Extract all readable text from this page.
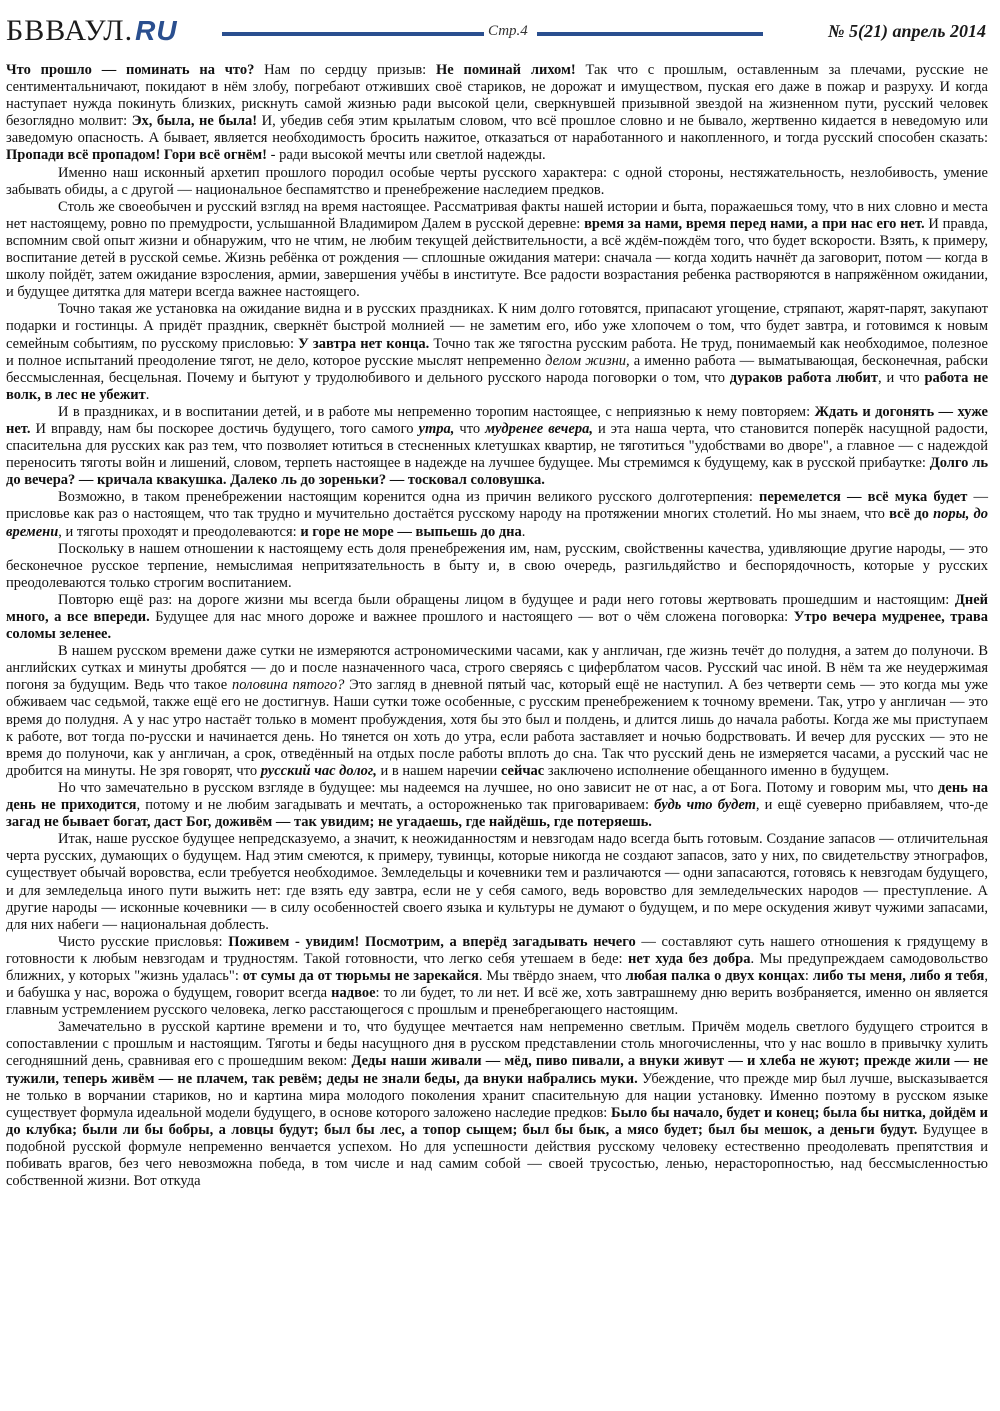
БВВАУЛ.RU	Стр.4	№ 5(21) апрель 2014

Что прошло — поминать на что? Нам по сердцу призыв: Не поминай лихом! Так что с прошлым, оставленным за плечами, русские не сентиментальничают, покидают в нём злобу, погребают отживших своё стариков, не дорожат и имуществом, пуская его даже в пожар и разруху. И когда наступает нужда покинуть близких, рискнуть самой жизнью ради высокой цели, сверкнувшей призывной звездой на жизненном пути, русский человек безоглядно молвит: Эх, была, не была! И, убедив себя этим крылатым словом, что всё прошлое словно и не бывало, жертвенно кидается в неведомую или заведомую опасность. А бывает, является необходимость бросить нажитое, отказаться от наработанного и накопленного, и тогда русский способен сказать: Пропади всё пропадом! Гори всё огнём! - ради высокой мечты или светлой надежды.

Именно наш исконный архетип прошлого породил особые черты русского характера: с одной стороны, нестяжательность, незлобивость, умение забывать обиды, а с другой — национальное беспамятство и пренебрежение наследием предков.

Столь же своеобычен и русский взгляд на время настоящее. Рассматривая факты нашей истории и быта, поражаешься тому, что в них словно и места нет настоящему, ровно по премудрости, услышанной Владимиром Далем в русской деревне: время за нами, время перед нами, а при нас его нет. И правда, вспомним свой опыт жизни и обнаружим, что не чтим, не любим текущей действительности, а всё ждём-пождём того, что будет вскорости. Взять, к примеру, воспитание детей в русской семье. Жизнь ребёнка от рождения — сплошные ожидания матери: сначала — когда ходить начнёт да заговорит, потом — когда в школу пойдёт, затем ожидание взросления, армии, завершения учёбы в институте. Все радости возрастания ребенка растворяются в напряжённом ожидании, и будущее дитятка для матери всегда важнее настоящего.

Точно такая же установка на ожидание видна и в русских праздниках. К ним долго готовятся, припасают угощение, стряпают, жарят-парят, закупают подарки и гостинцы. А придёт праздник, сверкнёт быстрой молнией — не заметим его, ибо уже хлопочем о том, что будет завтра, и готовимся к новым семейным событиям, по русскому присловью: У завтра нет конца. Точно так же тягостна русским работа. Не труд, понимаемый как необходимое, полезное и полное испытаний преодоление тягот, не дело, которое русские мыслят непременно делом жизни, а именно работа — выматывающая, бесконечная, рабски бессмысленная, бесцельная. Почему и бытуют у трудолюбивого и дельного русского народа поговорки о том, что дураков работа любит, и что работа не волк, в лес не убежит.

И в праздниках, и в воспитании детей, и в работе мы непременно торопим настоящее, с неприязнью к нему повторяем: Ждать и догонять — хуже нет. И вправду, нам бы поскорее достичь будущего, того самого утра, что мудренее вечера, и эта наша черта, что становится поперёк насущной радости, спасительна для русских как раз тем, что позволяет ютиться в стесненных клетушках квартир, не тяготиться "удобствами во дворе", а главное — с надеждой переносить тяготы войн и лишений, словом, терпеть настоящее в надежде на лучшее будущее. Мы стремимся к будущему, как в русской прибаутке: Долго ль до вечера? — кричала квакушка. Далеко ль до зореньки? — тосковал соловушка.

Возможно, в таком пренебрежении настоящим коренится одна из причин великого русского долготерпения: перемелется — всё мука будет — присловье как раз о настоящем, что так трудно и мучительно достаётся русскому народу на протяжении многих столетий. Но мы знаем, что всё до поры, до времени, и тяготы проходят и преодолеваются: и горе не море — выпьешь до дна.

Поскольку в нашем отношении к настоящему есть доля пренебрежения им, нам, русским, свойственны качества, удивляющие другие народы, — это бесконечное русское терпение, немыслимая непритязательность в быту и, в свою очередь, разгильдяйство и беспорядочность, которые у русских преодолеваются только строгим воспитанием.

Повторю ещё раз: на дороге жизни мы всегда были обращены лицом в будущее и ради него готовы жертвовать прошедшим и настоящим: Дней много, а все впереди. Будущее для нас много дороже и важнее прошлого и настоящего — вот о чём сложена поговорка: Утро вечера мудренее, трава соломы зеленее.

В нашем русском времени даже сутки не измеряются астрономическими часами, как у англичан, где жизнь течёт до полудня, а затем до полуночи. В английских сутках и минуты дробятся — до и после назначенного часа, строго сверяясь с циферблатом часов. Русский час иной. В нём та же неудержимая погоня за будущим. Ведь что такое половина пятого? Это загляд в дневной пятый час, который ещё не наступил. А без четверти семь — это когда мы уже обживаем час седьмой, также ещё его не достигнув. Наши сутки тоже особенные, с русским пренебрежением к точному времени. Так, утро у англичан — это время до полудня. А у нас утро настаёт только в момент пробуждения, хотя бы это был и полдень, и длится лишь до начала работы. Когда же мы приступаем к работе, вот тогда по-русски и начинается день. Но тянется он хоть до утра, если работа заставляет и ночью бодрствовать. И вечер для русских — это не время до полуночи, как у англичан, а срок, отведённый на отдых после работы вплоть до сна. Так что русский день не измеряется часами, а русский час не дробится на минуты. Не зря говорят, что русский час долог, и в нашем наречии сейчас заключено исполнение обещанного именно в будущем.

Но что замечательно в русском взгляде в будущее: мы надеемся на лучшее, но оно зависит не от нас, а от Бога. Потому и говорим мы, что день на день не приходится, потому и не любим загадывать и мечтать, а осторожненько так приговариваем: будь что будет, и ещё суеверно прибавляем, что-де загад не бывает богат, даст Бог, доживём — так увидим; не угадаешь, где найдёшь, где потеряешь.

Итак, наше русское будущее непредсказуемо, а значит, к неожиданностям и невзгодам надо всегда быть готовым. Создание запасов — отличительная черта русских, думающих о будущем. Над этим смеются, к примеру, тувинцы, которые никогда не создают запасов, зато у них, по свидетельству этнографов, существует обычай воровства, если требуется необходимое. Земледельцы и кочевники тем и различаются — одни запасаются, готовясь к невзгодам будущего, и для земледельца иного пути выжить нет: где взять еду завтра, если не у себя самого, ведь воровство для земледельческих народов — преступление. А другие народы — исконные кочевники — в силу особенностей своего языка и культуры не думают о будущем, и по мере оскудения живут чужими запасами, для них набеги — национальная доблесть.

Чисто русские присловья: Поживем - увидим! Посмотрим, а вперёд загадывать нечего — составляют суть нашего отношения к грядущему в готовности к любым невзгодам и трудностям. Такой готовности, что легко себя утешаем в беде: нет худа без добра. Мы предупреждаем самодовольство ближних, у которых "жизнь удалась": от сумы да от тюрьмы не зарекайся. Мы твёрдо знаем, что любая палка о двух концах: либо ты меня, либо я тебя, и бабушка у нас, ворожа о будущем, говорит всегда надвое: то ли будет, то ли нет. И всё же, хоть завтрашнему дню верить возбраняется, именно он является главным устремлением русского человека, легко расстающегося с прошлым и пренебрегающего настоящим.

Замечательно в русской картине времени и то, что будущее мечтается нам непременно светлым. Причём модель светлого будущего строится в сопоставлении с прошлым и настоящим. Тяготы и беды насущного дня в русском представлении столь многочисленны, что у нас вошло в привычку хулить сегодняшний день, сравнивая его с прошедшим веком: Деды наши живали — мёд, пиво пивали, а внуки живут — и хлеба не жуют; прежде жили — не тужили, теперь живём — не плачем, так ревём; деды не знали беды, да внуки набрались муки. Убеждение, что прежде мир был лучше, высказывается не только в ворчании стариков, но и картина мира молодого поколения хранит спасительную для нации установку. Именно поэтому в русском языке существует формула идеальной модели будущего, в основе которого заложено наследие предков: Было бы начало, будет и конец; была бы нитка, дойдём и до клубка; были ли бы бобры, а ловцы будут; был бы лес, а топор сыщем; был бы бык, а мясо будет; был бы мешок, а деньги будут. Будущее в подобной русской формуле непременно венчается успехом. Но для успешности действия русскому человеку естественно преодолевать препятствия и побивать врагов, без чего невозможна победа, в том числе и над самим собой — своей трусостью, ленью, нерасторопностью, над бессмысленностью собственной жизни. Вот откуда
